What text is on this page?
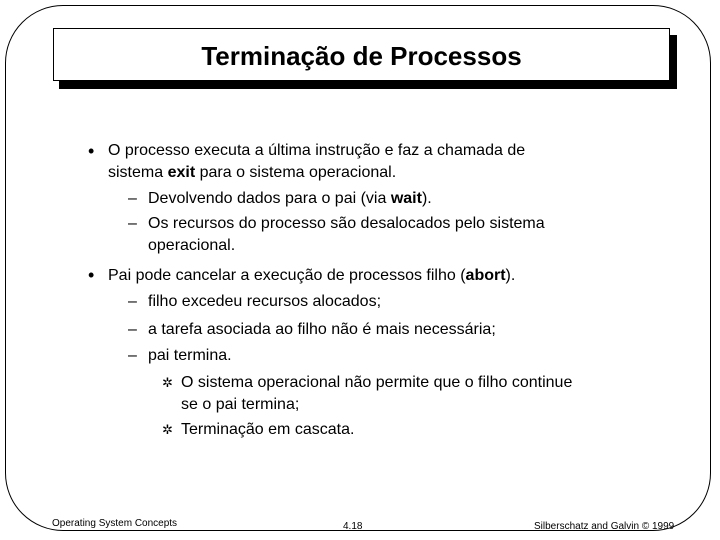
Terminação de Processos
• O processo executa a última instrução e faz a chamada de
sistema exit para o sistema operacional.
– Devolvendo dados para o pai (via wait).
– Os recursos do processo são desalocados pelo sistema
operacional.
• Pai pode cancelar a execução de processos filho (abort).
– filho excedeu recursos alocados;
– a tarefa asociada ao filho não é mais necessária;
– pai termina.
✲ O sistema operacional não permite que o filho continue
se o pai termina;
✲ Terminação em cascata.
Operating System Concepts	4.18	Silberschatz and Galvin © 1999
